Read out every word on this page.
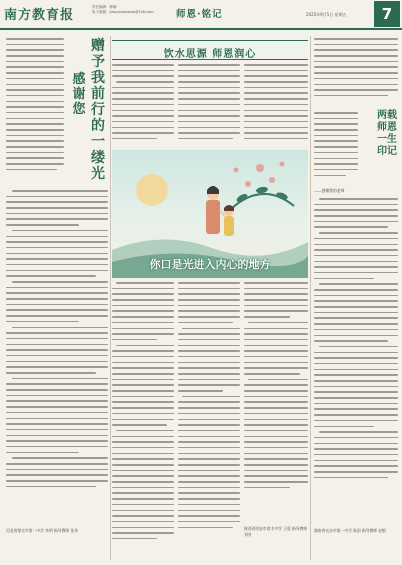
南方教育报
责任编辑：韩静
电子邮箱：jiaoyuzhoubao@126.com 师恩·铭记	2025年9月5日 星期五	7
感谢您
赠予我前行的一缕光
河北省保定市第一中学 李明 指导教师 张华
饮水思源 师恩润心
你口是光进入内心的地方
陕西省西安市育才中学 王晨 指导教师 刘芳
两载师恩一生印记
——感谢我的老师
湖南省长沙市第一中学 陈雨 指导教师 赵敏
